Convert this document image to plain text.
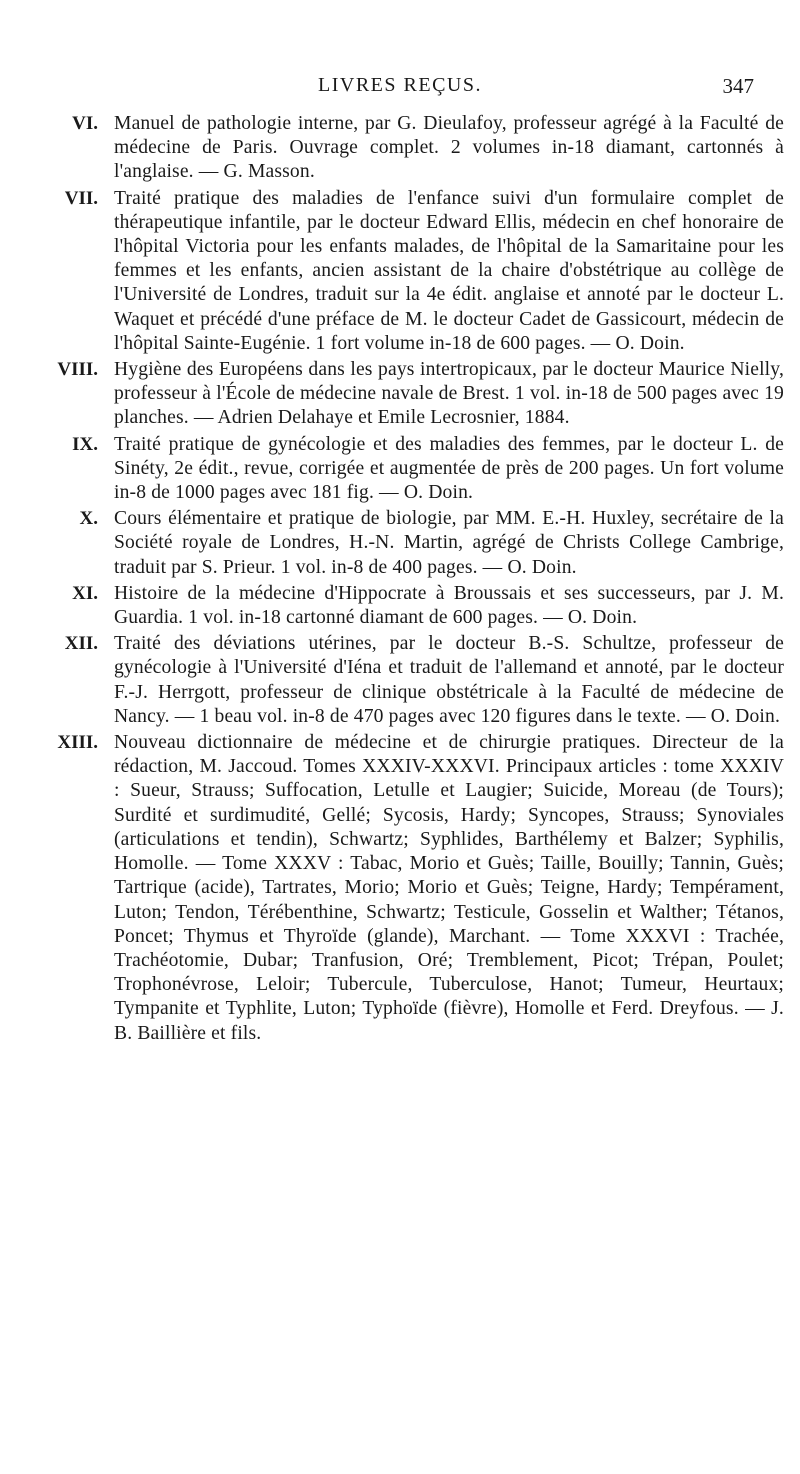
LIVRES REÇUS.	347
VI. Manuel de pathologie interne, par G. Dieulafoy, professeur agrégé à la Faculté de médecine de Paris. Ouvrage complet. 2 volumes in-18 diamant, cartonnés à l'anglaise. — G. Masson.
VII. Traité pratique des maladies de l'enfance suivi d'un formulaire complet de thérapeutique infantile, par le docteur Edward Ellis, médecin en chef honoraire de l'hôpital Victoria pour les enfants malades, de l'hôpital de la Samaritaine pour les femmes et les enfants, ancien assistant de la chaire d'obstétrique au collège de l'Université de Londres, traduit sur la 4e édit. anglaise et annoté par le docteur L. Waquet et précédé d'une préface de M. le docteur Cadet de Gassicourt, médecin de l'hôpital Sainte-Eugénie. 1 fort volume in-18 de 600 pages. — O. Doin.
VIII. Hygiène des Européens dans les pays intertropicaux, par le docteur Maurice Nielly, professeur à l'École de médecine navale de Brest. 1 vol. in-18 de 500 pages avec 19 planches. — Adrien Delahaye et Emile Lecrosnier, 1884.
IX. Traité pratique de gynécologie et des maladies des femmes, par le docteur L. de Sinéty, 2e édit., revue, corrigée et augmentée de près de 200 pages. Un fort volume in-8 de 1000 pages avec 181 fig. — O. Doin.
X. Cours élémentaire et pratique de biologie, par MM. E.-H. Huxley, secrétaire de la Société royale de Londres, H.-N. Martin, agrégé de Christs College Cambrige, traduit par S. Prieur. 1 vol. in-8 de 400 pages. — O. Doin.
XI. Histoire de la médecine d'Hippocrate à Broussais et ses successeurs, par J. M. Guardia. 1 vol. in-18 cartonné diamant de 600 pages. — O. Doin.
XII. Traité des déviations utérines, par le docteur B.-S. Schultze, professeur de gynécologie à l'Université d'Iéna et traduit de l'allemand et annoté, par le docteur F.-J. Herrgott, professeur de clinique obstétricale à la Faculté de médecine de Nancy. — 1 beau vol. in-8 de 470 pages avec 120 figures dans le texte. — O. Doin.
XIII. Nouveau dictionnaire de médecine et de chirurgie pratiques. Directeur de la rédaction, M. Jaccoud. Tomes XXXIV-XXXVI. Principaux articles : tome XXXIV : Sueur, Strauss; Suffocation, Letulle et Laugier; Suicide, Moreau (de Tours); Surdité et surdimudité, Gellé; Sycosis, Hardy; Syncopes, Strauss; Synoviales (articulations et tendin), Schwartz; Syphlides, Barthélemy et Balzer; Syphilis, Homolle. — Tome XXXV : Tabac, Morio et Guès; Taille, Bouilly; Tannin, Guès; Tartrique (acide), Tartrates, Morio; Morio et Guès; Teigne, Hardy; Tempérament, Luton; Tendon, Térébenthine, Schwartz; Testicule, Gosselin et Walther; Tétanos, Poncet; Thymus et Thyroïde (glande), Marchant. — Tome XXXVI : Trachée, Trachéotomie, Dubar; Tranfusion, Oré; Tremblement, Picot; Trépan, Poulet; Trophonévrose, Leloir; Tubercule, Tuberculose, Hanot; Tumeur, Heurtaux; Tympanite et Typhlite, Luton; Typhoïde (fièvre), Homolle et Ferd. Dreyfous. — J. B. Baillière et fils.
